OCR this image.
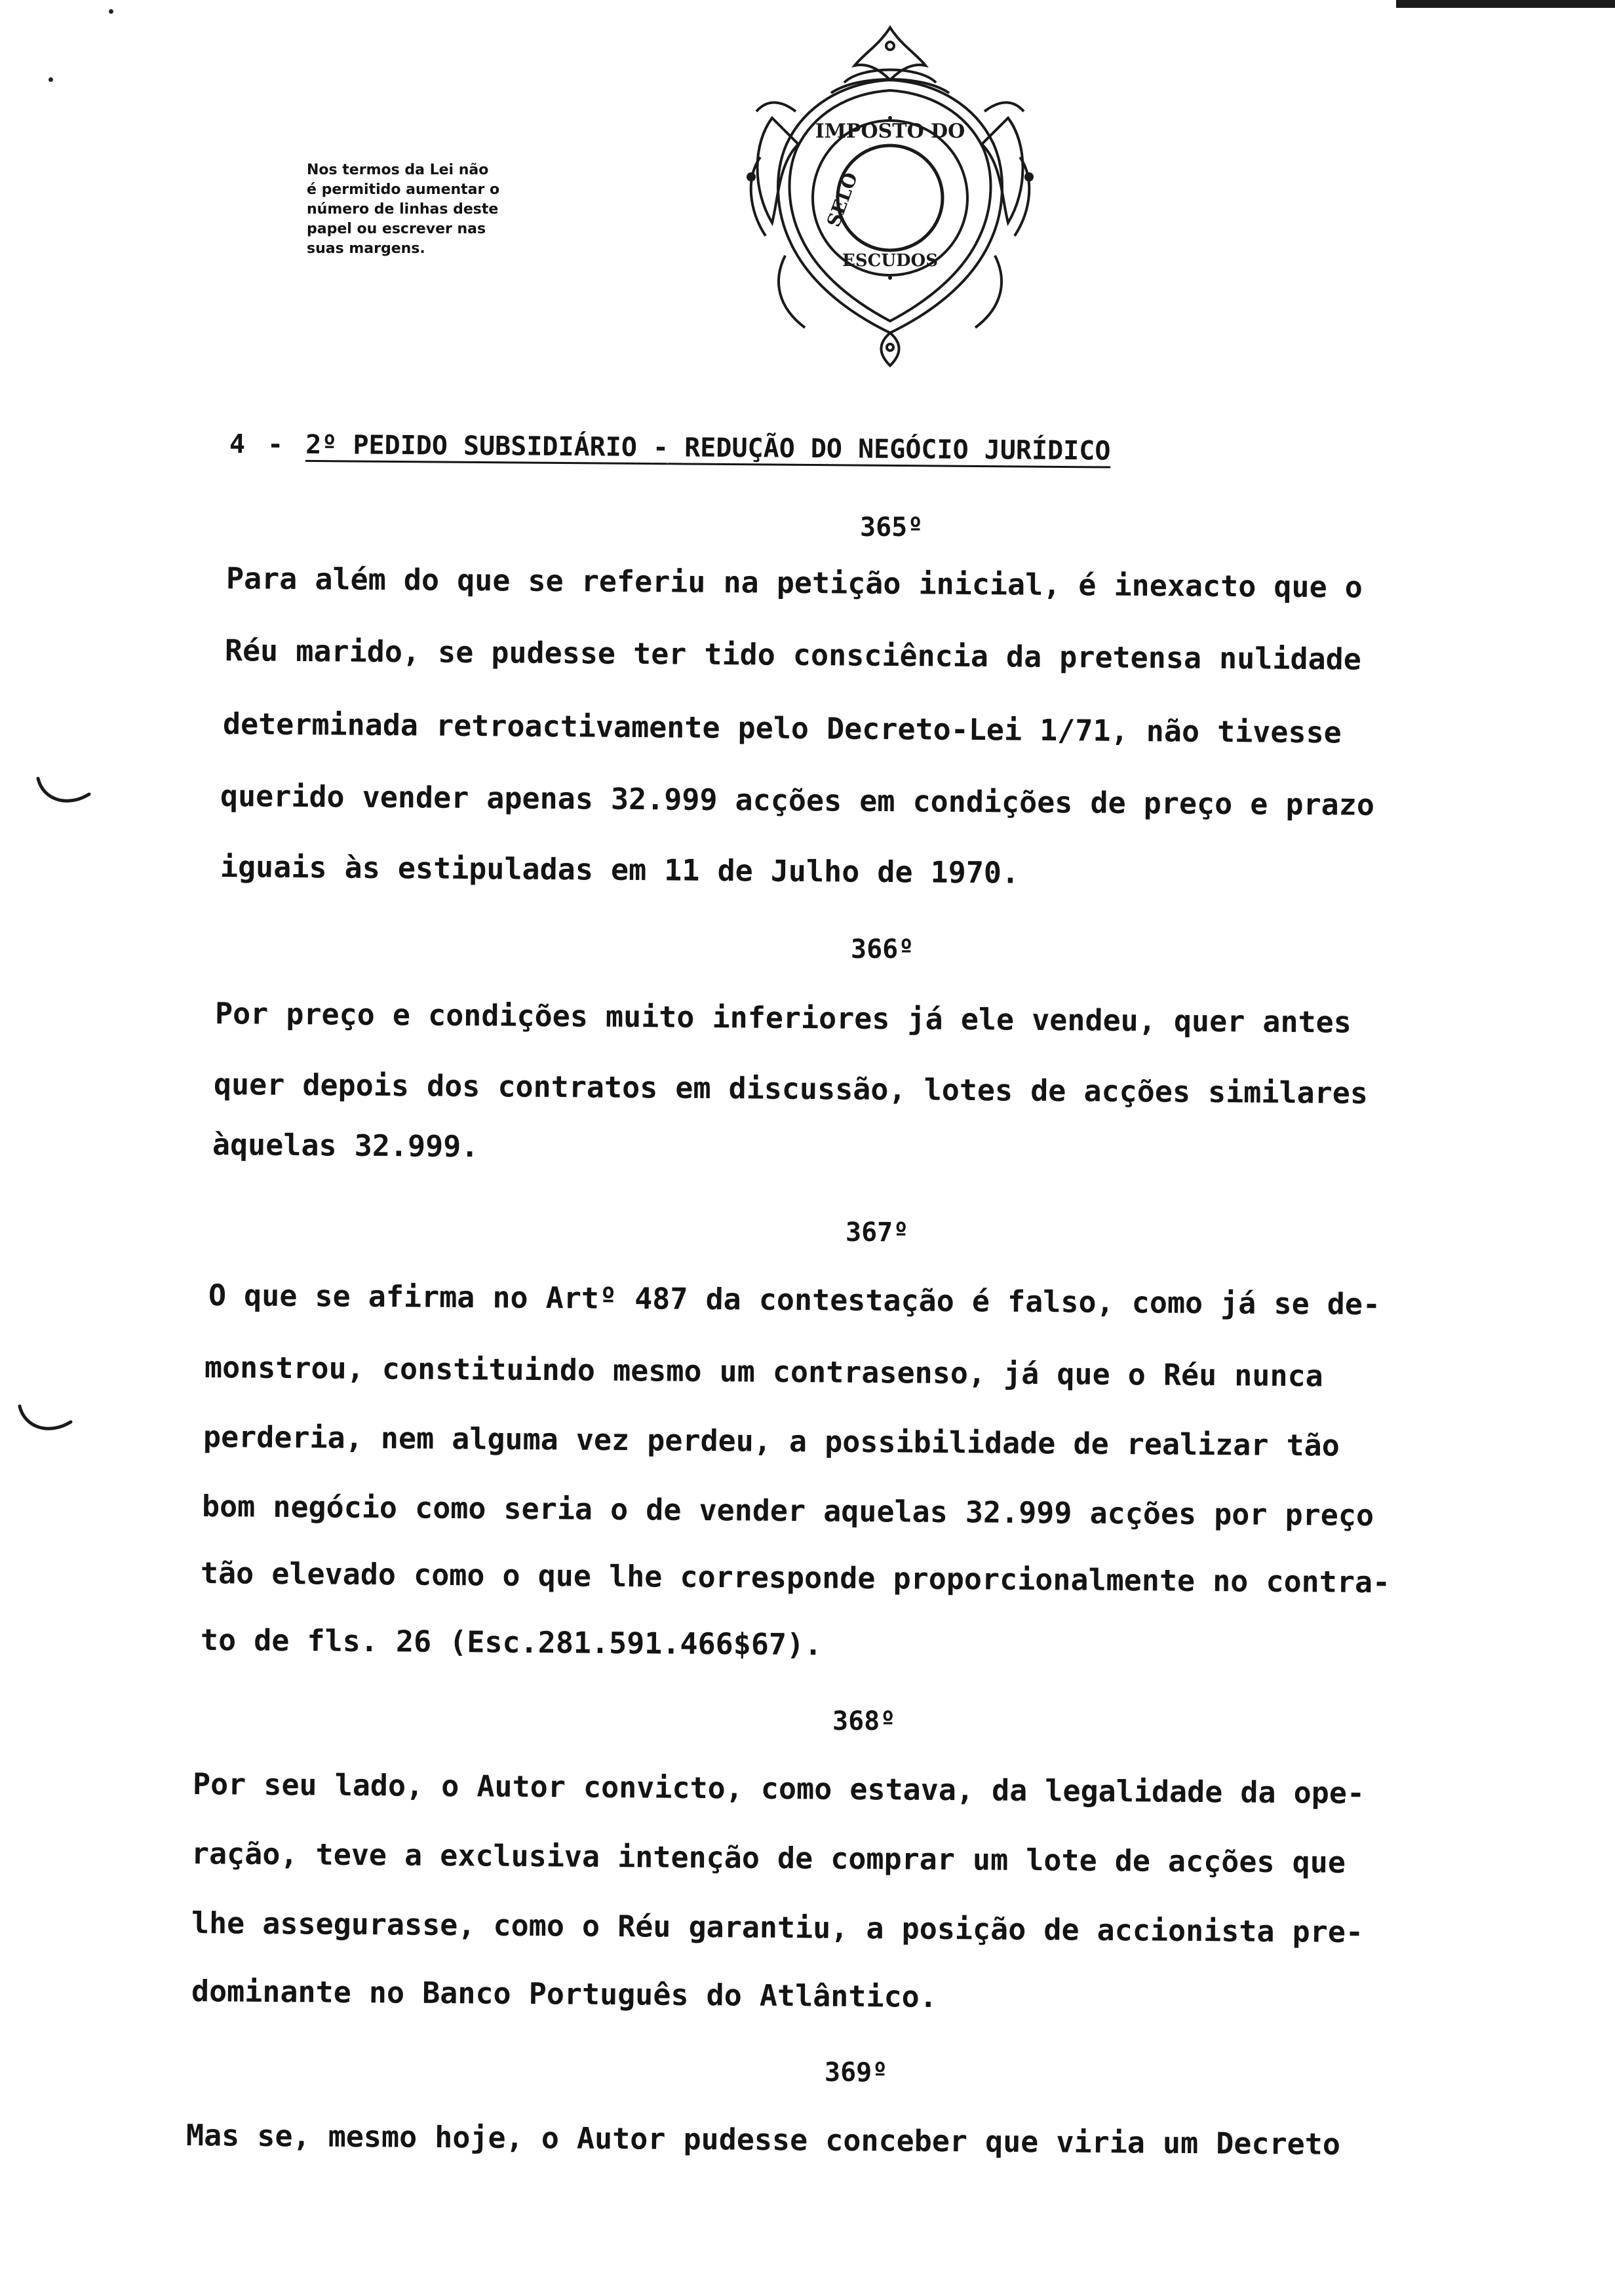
Nos termos da Lei não
é permitido aumentar o
número de linhas deste
papel ou escrever nas
suas margens.
IMPOSTO DO
SELO
ESCUDOS
4 - 2º PEDIDO SUBSIDIÁRIO - REDUÇÃO DO NEGÓCIO JURÍDICO
365º
Para além do que se referiu na petição inicial, é inexacto que o
Réu marido, se pudesse ter tido consciência da pretensa nulidade
determinada retroactivamente pelo Decreto-Lei 1/71, não tivesse
querido vender apenas 32.999 acções em condições de preço e prazo
iguais às estipuladas em 11 de Julho de 1970.
366º
Por preço e condições muito inferiores já ele vendeu, quer antes
quer depois dos contratos em discussão, lotes de acções similares
àquelas 32.999.
367º
O que se afirma no Artº 487 da contestação é falso, como já se de-
monstrou, constituindo mesmo um contrasenso, já que o Réu nunca
perderia, nem alguma vez perdeu, a possibilidade de realizar tão
bom negócio como seria o de vender aquelas 32.999 acções por preço
tão elevado como o que lhe corresponde proporcionalmente no contra-
to de fls. 26 (Esc.281.591.466$67).
368º
Por seu lado, o Autor convicto, como estava, da legalidade da ope-
ração, teve a exclusiva intenção de comprar um lote de acções que
lhe assegurasse, como o Réu garantiu, a posição de accionista pre-
dominante no Banco Português do Atlântico.
369º
Mas se, mesmo hoje, o Autor pudesse conceber que viria um Decreto
